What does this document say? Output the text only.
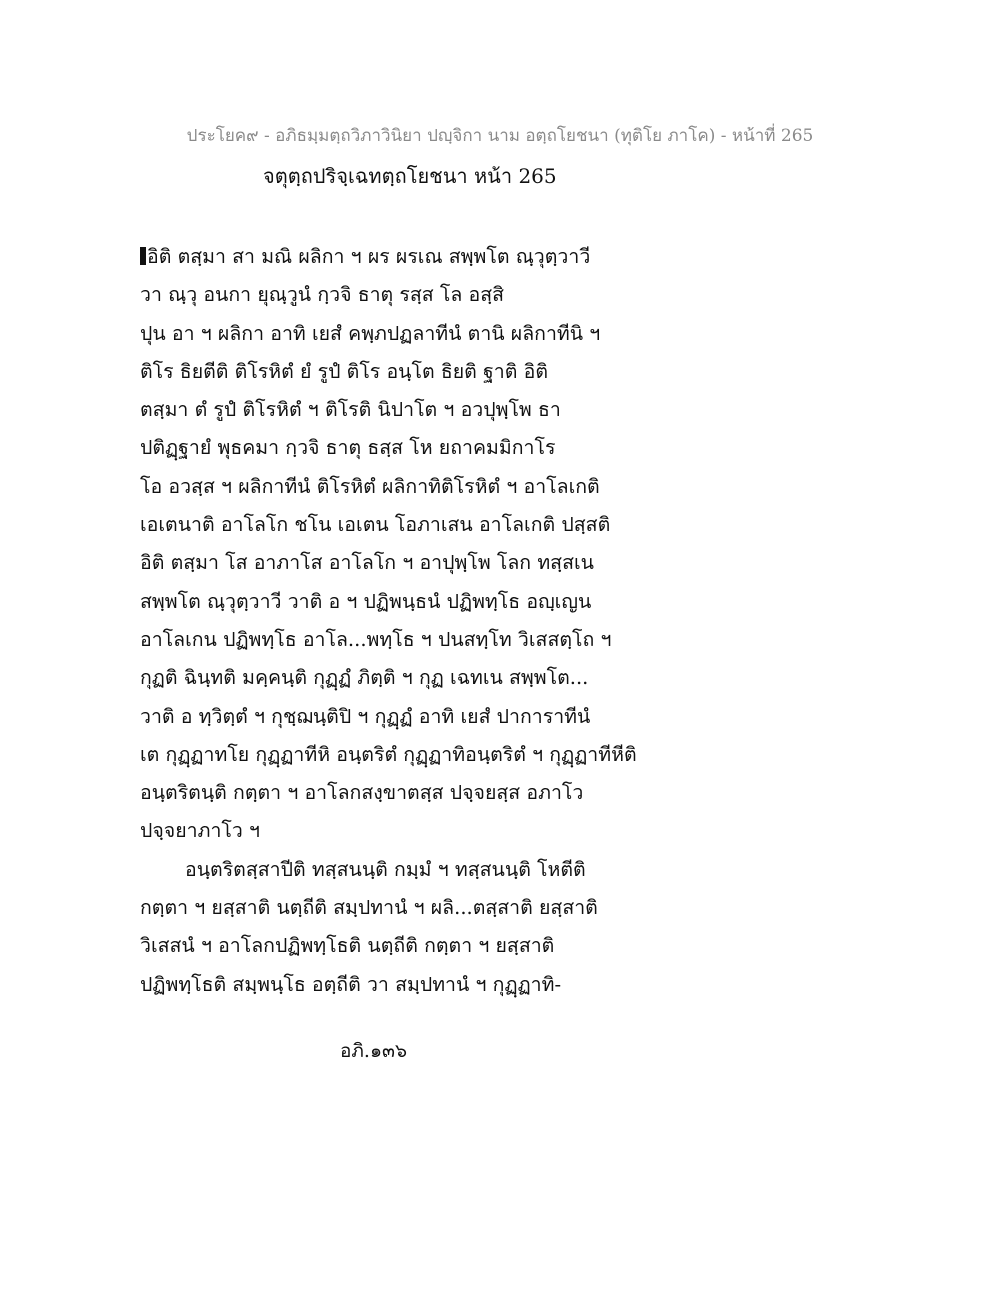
ประโยค๙ - อภิธมฺมตฺถวิภาวินิยา ปญฺจิกา นาม อตฺถโยชนา (ทุติโย ภาโค) - หน้าที่ 265
จตุตฺถปริจฺเฉทตฺถโยชนา หน้า 265
อิติ ตสฺมา สา มณิ ผลิกา ฯ ผร ผรเณ สพฺพโต ณฺวุตฺวาวี
วา ณฺวุ อนกา ยุณฺวูนํ กฺวจิ ธาตุ รสฺส โล อสฺสิ
ปุน อา ฯ ผลิกา อาทิ เยสํ คพฺภปฏลาทีนํ ตานิ ผลิกาทีนิ ฯ
ติโร ธิยตีติ ติโรหิตํ ยํ รูปํ ติโร อนฺโต ธิยติ ฐาติ อิติ
ตสฺมา ตํ รูปํ ติโรหิตํ ฯ ติโรติ นิปาโต ฯ อวปุพฺโพ ธา
ปติฏฺฐายํ พุธคมา กฺวจิ ธาตุ ธสฺส โห ยถาคมมิกาโร
โอ อวสฺส ฯ ผลิกาทีนํ ติโรหิตํ ผลิกาทิติโรหิตํ ฯ อาโลเกติ
เอเตนาติ อาโลโก ชโน เอเตน โอภาเสน อาโลเกติ ปสฺสติ
อิติ ตสฺมา โส อาภาโส อาโลโก ฯ อาปุพฺโพ โลก ทสฺสเน
สพฺพโต ณฺวุตฺวาวี วาติ อ ฯ ปฏิพนฺธนํ ปฏิพทฺโธ อญฺเญน
อาโลเกน ปฏิพทฺโธ อาโล...พทฺโธ ฯ ปนสทฺโท วิเสสตฺโถ ฯ
กุฏติ ฉินฺทติ มคฺคนฺติ กุฏฺฏํ ภิตฺติ ฯ กุฏ เฉทเน สพฺพโต...
วาติ อ ทฺวิตฺตํ ฯ กุชฺฌนฺติปิ ฯ กุฏฺฏํ อาทิ เยสํ ปาการาทีนํ
เต กุฏฺฏาทโย กุฏฺฏาทีหิ อนฺตริตํ กุฏฺฏาทิอนฺตริตํ ฯ กุฏฺฏาทีหีติ
อนฺตริตนฺติ กตฺตา ฯ อาโลกสงฺขาตสฺส ปจฺจยสฺส อภาโว
ปจฺจยาภาโว ฯ
อนฺตริตสฺสาปีติ ทสฺสนนฺติ กมฺมํ ฯ ทสฺสนนฺติ โหตีติ
กตฺตา ฯ ยสฺสาติ นตฺถีติ สมฺปทานํ ฯ ผลิ...ตสฺสาติ ยสฺสาติ
วิเสสนํ ฯ อาโลกปฏิพทฺโธติ นตฺถีติ กตฺตา ฯ ยสฺสาติ
ปฏิพทฺโธติ สมฺพนฺโธ อตฺถีติ วา สมฺปทานํ ฯ กุฏฺฏาทิ-
อภิ.๑๓๖
